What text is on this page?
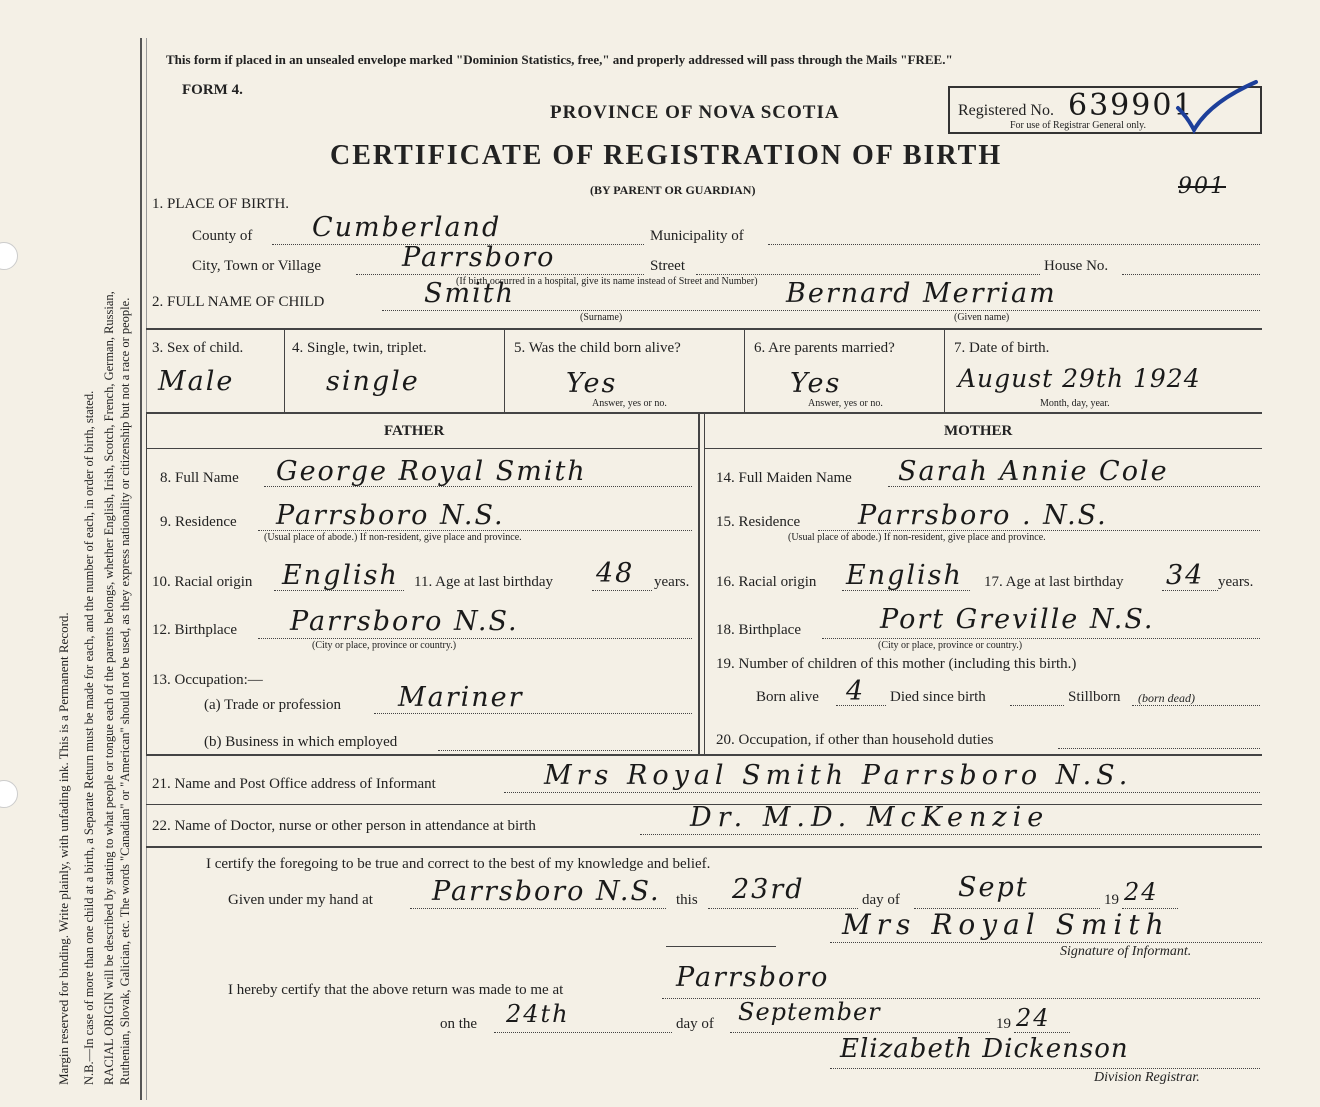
Margin reserved for binding. Write plainly, with unfading ink. This is a Permanent Record. N.B.—In case of more than one child at a birth, a Separate Return must be made for each, and the number of each, in order of birth, stated. RACIAL ORIGIN will be described by stating to what people or tongue each of the parents belongs, whether English, Irish, Scotch, French, German, Russian, Ruthenian, Slovak, Galician, etc. The words "Canadian" or "American" should not be used, as they express nationality or citizenship but not a race or people.
This form if placed in an unsealed envelope marked "Dominion Statistics, free," and properly addressed will pass through the Mails "FREE."
FORM 4.
PROVINCE OF NOVA SCOTIA
CERTIFICATE OF REGISTRATION OF BIRTH
(BY PARENT OR GUARDIAN)	901
Registered No. 639901
For use of Registrar General only.
1. PLACE OF BIRTH.
County of Cumberland	Municipality of
City, Town or Village	Parrsboro	Street	House No.
(If birth occurred in a hospital, give its name instead of Street and Number)
2. FULL NAME OF CHILD	Smith
(Surname)
Bernard Merriam
(Given name)
3. Sex of child.
Male
4. Single, twin, triplet.
single
5. Was the child born alive?
Yes
Answer, yes or no.
6. Are parents married?
Yes
Answer, yes or no.
7. Date of birth.
August 29th 1924
Month, day, year.
FATHER	MOTHER
8. Full Name George Royal Smith
9. Residence Parrsboro N.S.
(Usual place of abode.) If non-resident, give place and province.
10. Racial origin English 11. Age at last birthday 48 years.
12. Birthplace Parrsboro N.S.
(City or place, province or country.)
13. Occupation:—
(a) Trade or profession Mariner
(b) Business in which employed
14. Full Maiden Name Sarah Annie Cole
15. Residence Parrsboro . N.S.
(Usual place of abode.) If non-resident, give place and province.
16. Racial origin English 17. Age at last birthday 34 years.
18. Birthplace	Port Greville N.S.
(City or place, province or country.)
19. Number of children of this mother (including this birth.)
Born alive 4 Died since birth	Stillborn (born dead)
20. Occupation, if other than household duties
21. Name and Post Office address of Informant	Mrs Royal Smith Parrsboro N.S.
22. Name of Doctor, nurse or other person in attendance at birth	Dr. M.D. McKenzie
I certify the foregoing to be true and correct to the best of my knowledge and belief.
Given under my hand at Parrsboro N.S. this 23rd	day of Sept	19 24
Mrs Royal Smith
Signature of Informant.
I hereby certify that the above return was made to me at	Parrsboro
on the 24th	day of September	19 24
Elizabeth Dickenson
Division Registrar.
